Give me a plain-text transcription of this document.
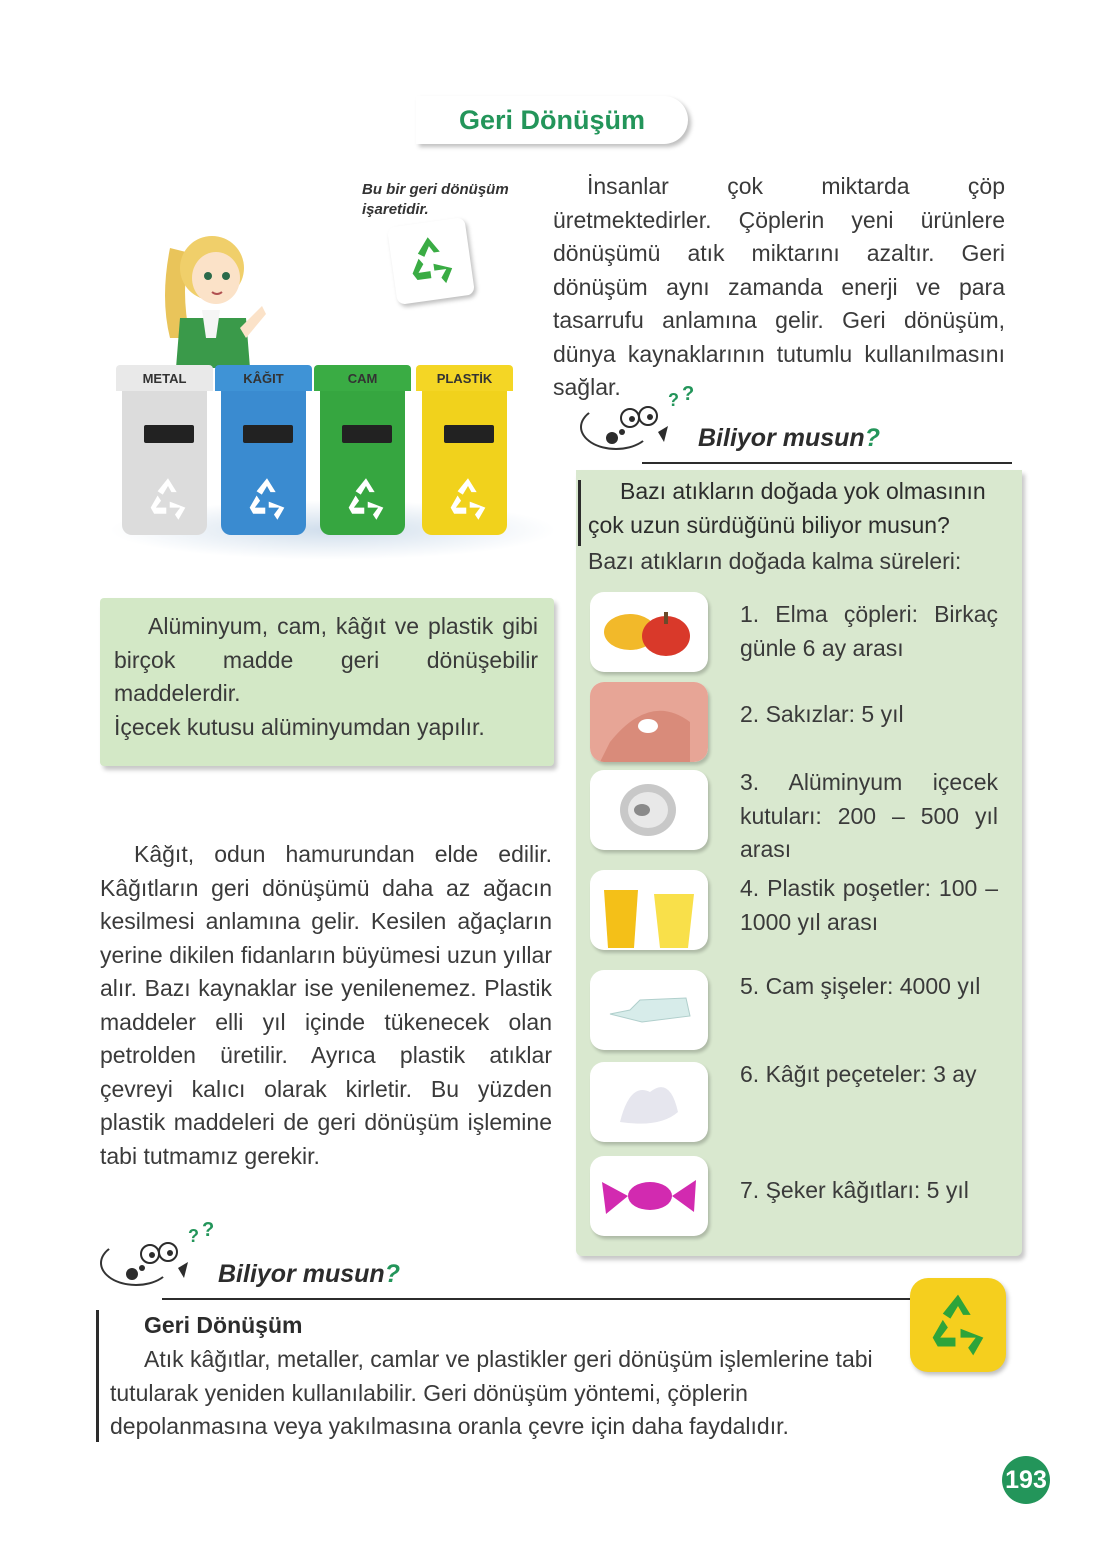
Geri Dönüşüm
Bu bir geri dönüşüm
işaretidir.
METAL	KÂĞIT	CAM	PLASTİK

İnsanlar çok miktarda çöp üretmektedirler. Çöplerin yeni ürünlere dönüşümü atık miktarını azaltır. Geri dönüşüm aynı zamanda enerji ve para tasarrufu anlamına gelir. Geri dönüşüm, dünya kaynaklarının tutumlu kullanılmasını sağlar.	? ?
Biliyor musun?

Bazı atıkların doğada yok olmasının çok uzun sürdüğünü biliyor musun?

Bazı atıkların doğada kalma süreleri:

1. Elma çöpleri: Birkaç günle 6 ay arası

2. Sakızlar: 5 yıl

3. Alüminyum içecek kutuları: 200 – 500 yıl arası

4. Plastik poşetler: 100 – 1000 yıl arası

5. Cam şişeler: 4000 yıl

6. Kâğıt peçeteler: 3 ay

7. Şeker kâğıtları: 5 yıl

Alüminyum, cam, kâğıt ve plastik gibi birçok madde geri dönüşebilir maddelerdir.
İçecek kutusu alüminyumdan yapılır.

Kâğıt, odun hamurundan elde edilir. Kâğıtların geri dönüşümü daha az ağacın kesilmesi anlamına gelir. Kesilen ağaçların yerine dikilen fidanların büyümesi uzun yıllar alır. Bazı kaynaklar ise yenilenemez. Plastik maddeler elli yıl içinde tükenecek olan petrolden üretilir. Ayrıca plastik atıklar çevreyi kalıcı olarak kirletir. Bu yüzden plastik maddeleri de geri dönüşüm işlemine tabi tutmamız gerekir.

? ?
Biliyor musun?
Geri Dönüşüm

Atık kâğıtlar, metaller, camlar ve plastikler geri dönüşüm işlemlerine tabi tutularak yeniden kullanılabilir. Geri dönüşüm yöntemi, çöplerin depolanmasına veya yakılmasına oranla çevre için daha faydalıdır.

193
